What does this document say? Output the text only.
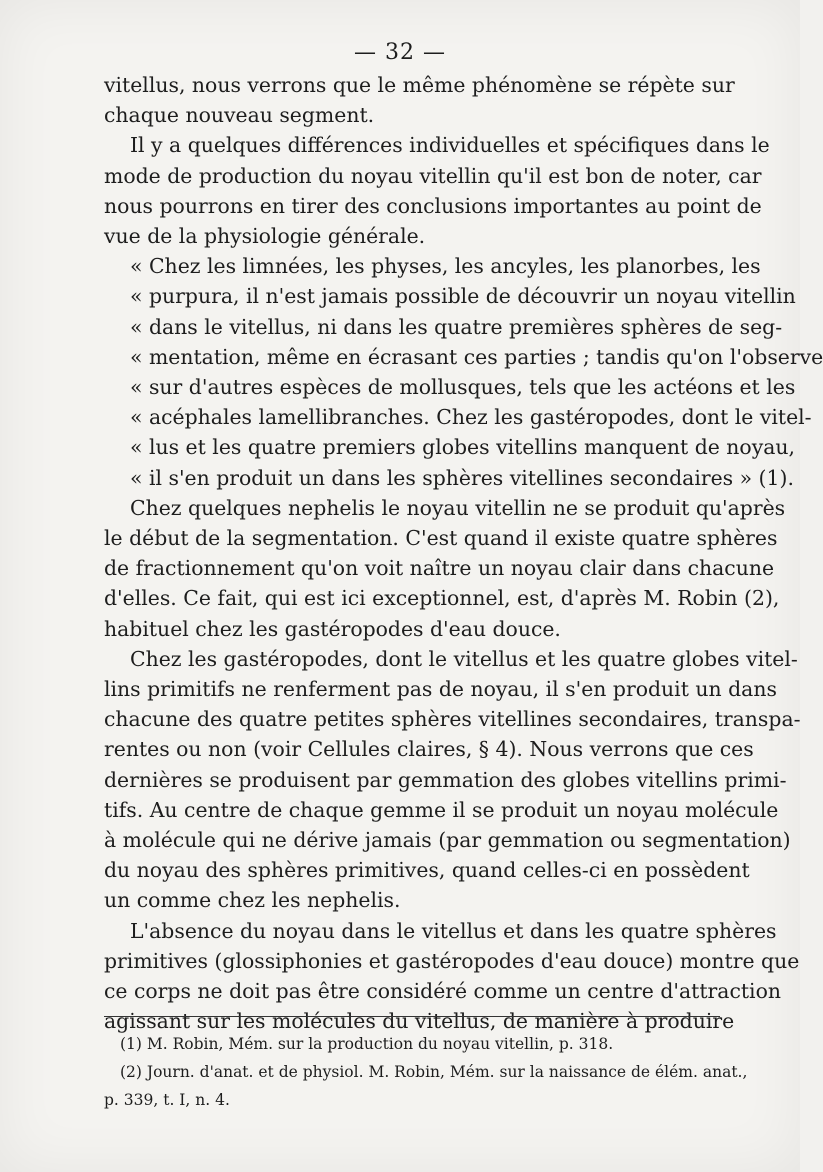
— 32 —
vitellus, nous verrons que le même phénomène se répète sur
chaque nouveau segment.
Il y a quelques différences individuelles et spécifiques dans le
mode de production du noyau vitellin qu'il est bon de noter, car
nous pourrons en tirer des conclusions importantes au point de
vue de la physiologie générale.
« Chez les limnées, les physes, les ancyles, les planorbes, les
« purpura, il n'est jamais possible de découvrir un noyau vitellin
« dans le vitellus, ni dans les quatre premières sphères de seg-
« mentation, même en écrasant ces parties ; tandis qu'on l'observe
« sur d'autres espèces de mollusques, tels que les actéons et les
« acéphales lamellibranches. Chez les gastéropodes, dont le vitel-
« lus et les quatre premiers globes vitellins manquent de noyau,
« il s'en produit un dans les sphères vitellines secondaires » (1).
Chez quelques nephelis le noyau vitellin ne se produit qu'après
le début de la segmentation. C'est quand il existe quatre sphères
de fractionnement qu'on voit naître un noyau clair dans chacune
d'elles. Ce fait, qui est ici exceptionnel, est, d'après M. Robin (2),
habituel chez les gastéropodes d'eau douce.
Chez les gastéropodes, dont le vitellus et les quatre globes vitel-
lins primitifs ne renferment pas de noyau, il s'en produit un dans
chacune des quatre petites sphères vitellines secondaires, transpa-
rentes ou non (voir Cellules claires, § 4). Nous verrons que ces
dernières se produisent par gemmation des globes vitellins primi-
tifs. Au centre de chaque gemme il se produit un noyau molécule
à molécule qui ne dérive jamais (par gemmation ou segmentation)
du noyau des sphères primitives, quand celles-ci en possèdent
un comme chez les nephelis.
L'absence du noyau dans le vitellus et dans les quatre sphères
primitives (glossiphonies et gastéropodes d'eau douce) montre que
ce corps ne doit pas être considéré comme un centre d'attraction
agissant sur les molécules du vitellus, de manière à produire
(1) M. Robin, Mém. sur la production du noyau vitellin, p. 318.
(2) Journ. d'anat. et de physiol. M. Robin, Mém. sur la naissance de élém. anat.,
p. 339, t. I, n. 4.
